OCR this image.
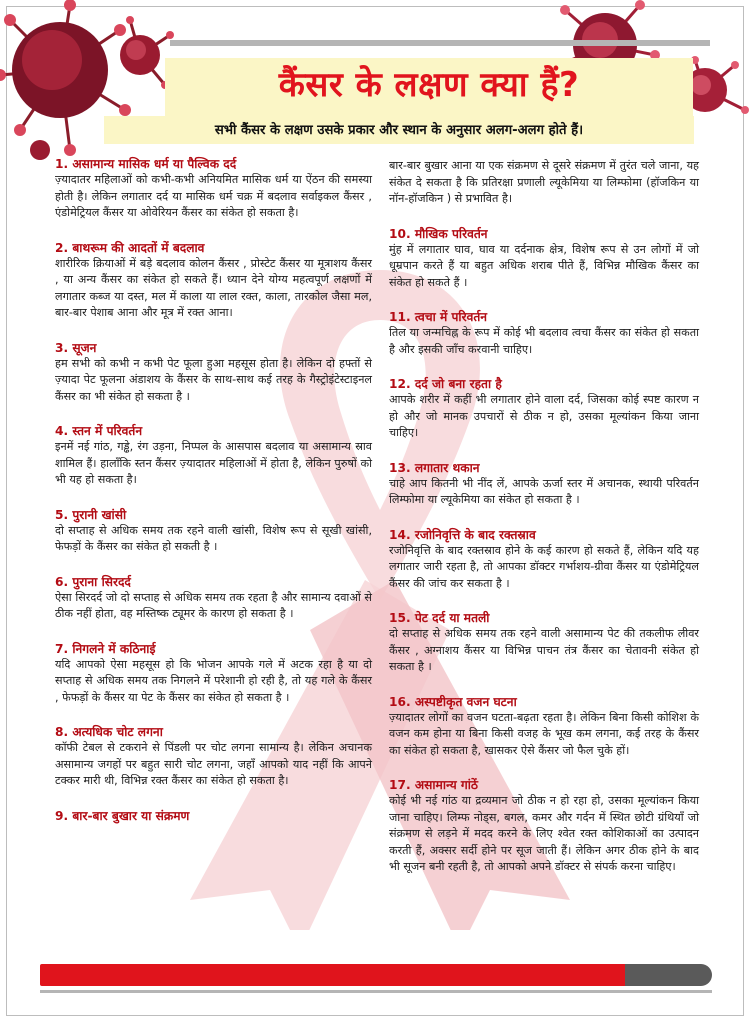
कैंसर के लक्षण क्या हैं?
सभी कैंसर के लक्षण उसके प्रकार और स्थान के अनुसार अलग-अलग होते हैं।
1. असामान्य मासिक धर्म या पैल्विक दर्द

ज़्यादातर महिलाओं को कभी-कभी अनियमित मासिक धर्म या ऐंठन की समस्या होती है। लेकिन लगातार दर्द या मासिक धर्म चक्र में बदलाव सर्वाइकल कैंसर , एंडोमेट्रियल कैंसर या ओवेरियन कैंसर का संकेत हो सकता है।

2. बाथरूम की आदतों में बदलाव

शारीरिक क्रियाओं में बड़े बदलाव कोलन कैंसर , प्रोस्टेट कैंसर या मूत्राशय कैंसर , या अन्य कैंसर का संकेत हो सकते हैं। ध्यान देने योग्य महत्वपूर्ण लक्षणों में लगातार कब्ज या दस्त, मल में काला या लाल रक्त, काला, तारकोल जैसा मल, बार-बार पेशाब आना और मूत्र में रक्त आना।

3. सूजन

हम सभी को कभी न कभी पेट फूला हुआ महसूस होता है। लेकिन दो हफ्तों से ज़्यादा पेट फूलना अंडाशय के कैंसर के साथ-साथ कई तरह के गैस्ट्रोइंटेस्टाइनल कैंसर का भी संकेत हो सकता है ।

4. स्तन में परिवर्तन

इनमें नई गांठ, गड्ढे, रंग उड़ना, निप्पल के आसपास बदलाव या असामान्य स्राव शामिल हैं। हालाँकि स्तन कैंसर ज़्यादातर महिलाओं में होता है, लेकिन पुरुषों को भी यह हो सकता है।

5. पुरानी खांसी

दो सप्ताह से अधिक समय तक रहने वाली खांसी, विशेष रूप से सूखी खांसी, फेफड़ों के कैंसर का संकेत हो सकती है ।

6. पुराना सिरदर्द

ऐसा सिरदर्द जो दो सप्ताह से अधिक समय तक रहता है और सामान्य दवाओं से ठीक नहीं होता, वह मस्तिष्क ट्यूमर के कारण हो सकता है ।

7. निगलने में कठिनाई

यदि आपको ऐसा महसूस हो कि भोजन आपके गले में अटक रहा है या दो सप्ताह से अधिक समय तक निगलने में परेशानी हो रही है, तो यह गले के कैंसर , फेफड़ों के कैंसर या पेट के कैंसर का संकेत हो सकता है ।

8. अत्यधिक चोट लगना

कॉफी टेबल से टकराने से पिंडली पर चोट लगना सामान्य है। लेकिन अचानक असामान्य जगहों पर बहुत सारी चोट लगना, जहाँ आपको याद नहीं कि आपने टक्कर मारी थी, विभिन्न रक्त कैंसर का संकेत हो सकता है।

9. बार-बार बुखार या संक्रमण

बार-बार बुखार आना या एक संक्रमण से दूसरे संक्रमण में तुरंत चले जाना, यह संकेत दे सकता है कि प्रतिरक्षा प्रणाली ल्यूकेमिया या लिम्फोमा (हॉजकिन या नॉन-हॉजकिन ) से प्रभावित है।

10. मौखिक परिवर्तन

मुंह में लगातार घाव, घाव या दर्दनाक क्षेत्र, विशेष रूप से उन लोगों में जो धूम्रपान करते हैं या बहुत अधिक शराब पीते हैं, विभिन्न मौखिक कैंसर का संकेत हो सकते हैं ।

11. त्वचा में परिवर्तन

तिल या जन्मचिह्न के रूप में कोई भी बदलाव त्वचा कैंसर का संकेत हो सकता है और इसकी जाँच करवानी चाहिए।

12. दर्द जो बना रहता है

आपके शरीर में कहीं भी लगातार होने वाला दर्द, जिसका कोई स्पष्ट कारण न हो और जो मानक उपचारों से ठीक न हो, उसका मूल्यांकन किया जाना चाहिए।

13. लगातार थकान

चाहे आप कितनी भी नींद लें, आपके ऊर्जा स्तर में अचानक, स्थायी परिवर्तन लिम्फोमा या ल्यूकेमिया का संकेत हो सकता है ।

14. रजोनिवृत्ति के बाद रक्तस्राव

रजोनिवृत्ति के बाद रक्तस्राव होने के कई कारण हो सकते हैं, लेकिन यदि यह लगातार जारी रहता है, तो आपका डॉक्टर गर्भाशय-ग्रीवा कैंसर या एंडोमेट्रियल कैंसर की जांच कर सकता है ।

15. पेट दर्द या मतली

दो सप्ताह से अधिक समय तक रहने वाली असामान्य पेट की तकलीफ लीवर कैंसर , अग्नाशय कैंसर या विभिन्न पाचन तंत्र कैंसर का चेतावनी संकेत हो सकता है ।

16. अस्पष्टीकृत वजन घटना

ज़्यादातर लोगों का वजन घटता-बढ़ता रहता है। लेकिन बिना किसी कोशिश के वजन कम होना या बिना किसी वजह के भूख कम लगना, कई तरह के कैंसर का संकेत हो सकता है, खासकर ऐसे कैंसर जो फैल चुके हों।

17. असामान्य गांठें

कोई भी नई गांठ या द्रव्यमान जो ठीक न हो रहा हो, उसका मूल्यांकन किया जाना चाहिए। लिम्फ नोड्स, बगल, कमर और गर्दन में स्थित छोटी ग्रंथियाँ जो संक्रमण से लड़ने में मदद करने के लिए श्वेत रक्त कोशिकाओं का उत्पादन करती हैं, अक्सर सर्दी होने पर सूज जाती हैं। लेकिन अगर ठीक होने के बाद भी सूजन बनी रहती है, तो आपको अपने डॉक्टर से संपर्क करना चाहिए।
